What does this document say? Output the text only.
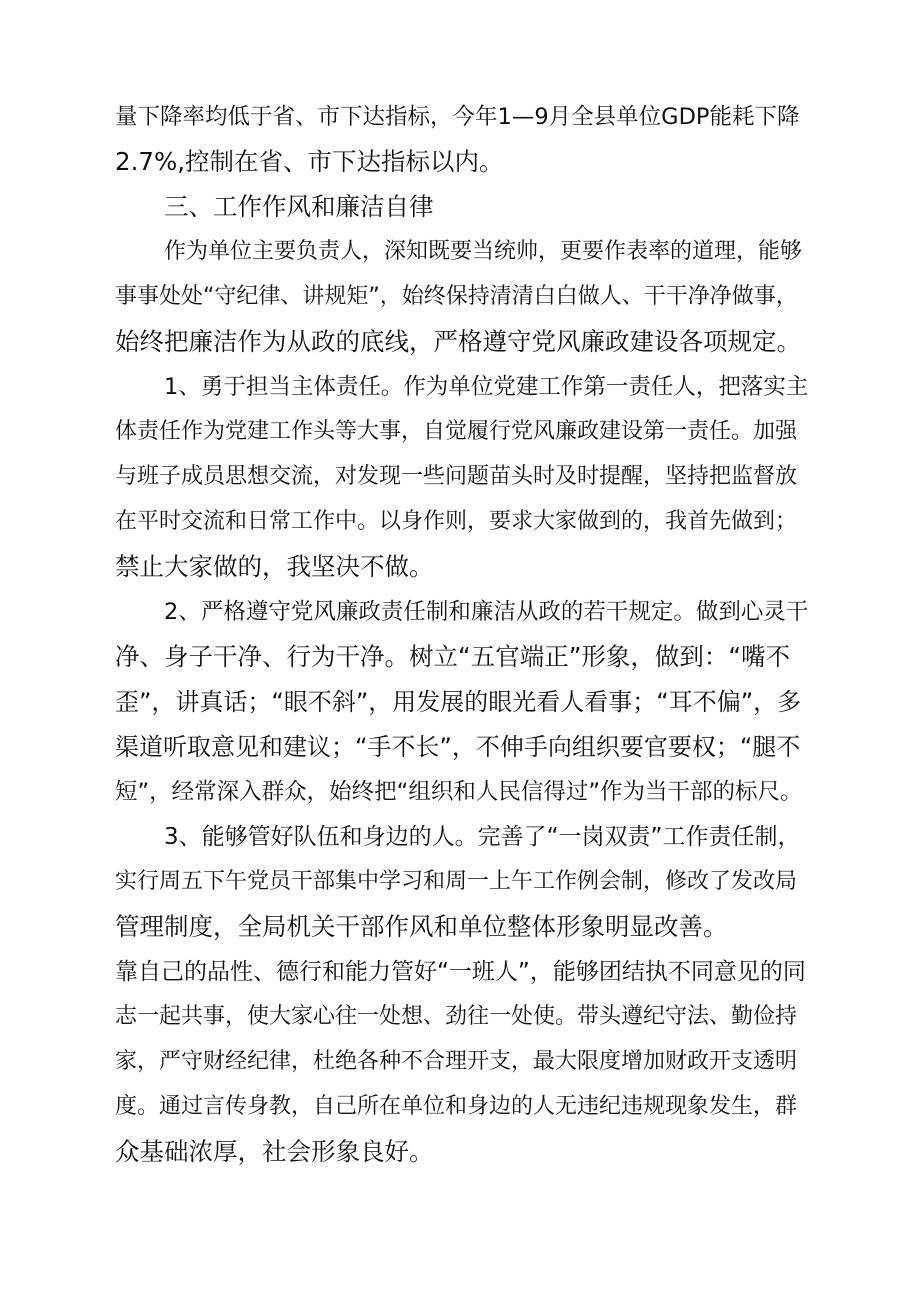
量下降率均低于省、市下达指标，今年1—9月全县单位GDP能耗下降

2.7%,控制在省、市下达指标以内。

三、工作作风和廉洁自律

作为单位主要负责人，深知既要当统帅，更要作表率的道理，能够

事事处处“守纪律、讲规矩”，始终保持清清白白做人、干干净净做事，

始终把廉洁作为从政的底线，严格遵守党风廉政建设各项规定。

1、勇于担当主体责任。作为单位党建工作第一责任人，把落实主

体责任作为党建工作头等大事，自觉履行党风廉政建设第一责任。加强

与班子成员思想交流，对发现一些问题苗头时及时提醒，坚持把监督放

在平时交流和日常工作中。以身作则，要求大家做到的，我首先做到；

禁止大家做的，我坚决不做。

2、严格遵守党风廉政责任制和廉洁从政的若干规定。做到心灵干

净、身子干净、行为干净。树立“五官端正”形象，做到：“嘴不

歪”，讲真话；“眼不斜”，用发展的眼光看人看事；“耳不偏”，多

渠道听取意见和建议；“手不长”，不伸手向组织要官要权；“腿不

短”，经常深入群众，始终把“组织和人民信得过”作为当干部的标尺。

3、能够管好队伍和身边的人。完善了“一岗双责”工作责任制，

实行周五下午党员干部集中学习和周一上午工作例会制，修改了发改局

管理制度，全局机关干部作风和单位整体形象明显改善。

靠自己的品性、德行和能力管好“一班人”，能够团结执不同意见的同

志一起共事，使大家心往一处想、劲往一处使。带头遵纪守法、勤俭持

家，严守财经纪律，杜绝各种不合理开支，最大限度增加财政开支透明

度。通过言传身教，自己所在单位和身边的人无违纪违规现象发生，群

众基础浓厚，社会形象良好。
